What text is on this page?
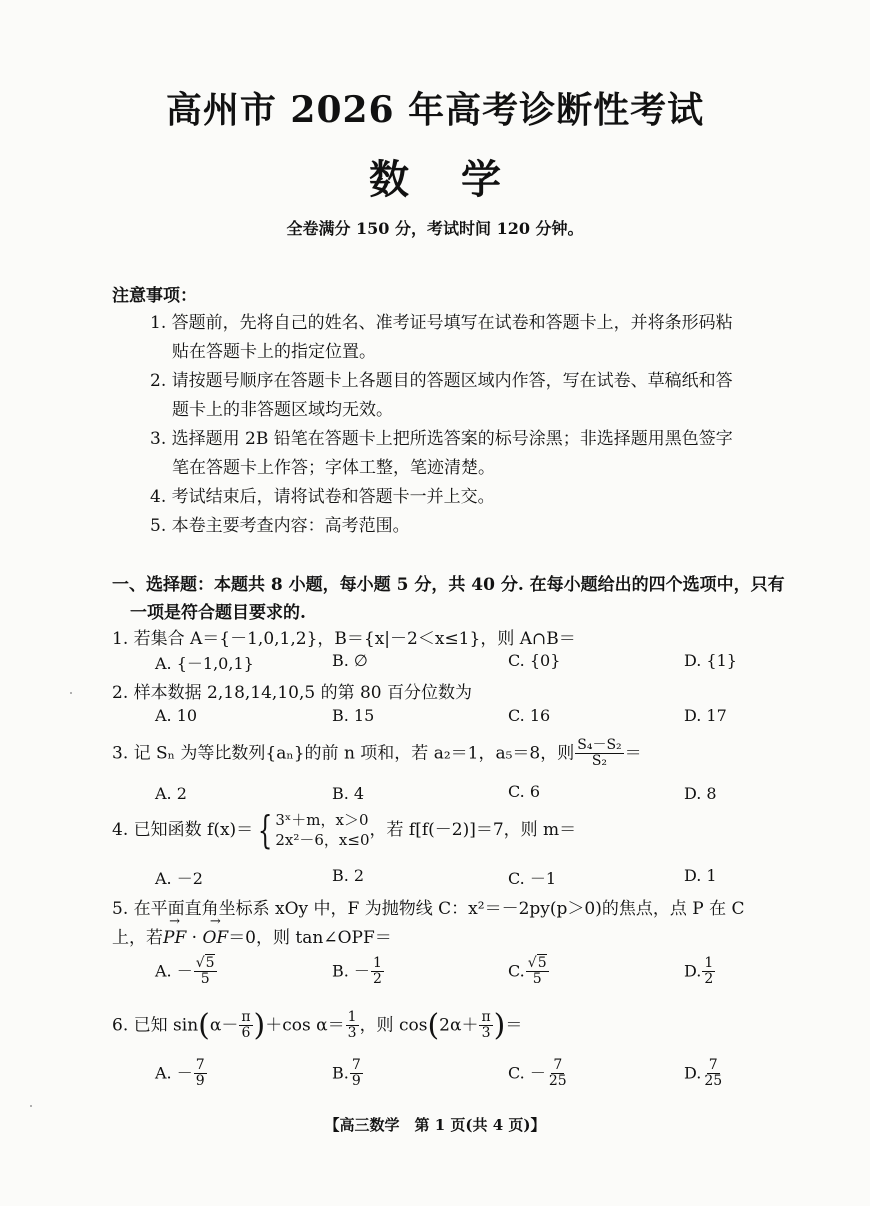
高州市 2026 年高考诊断性考试
数学
全卷满分 150 分，考试时间 120 分钟。
注意事项：
1. 答题前，先将自己的姓名、准考证号填写在试卷和答题卡上，并将条形码粘
贴在答题卡上的指定位置。
2. 请按题号顺序在答题卡上各题目的答题区域内作答，写在试卷、草稿纸和答
题卡上的非答题区域均无效。
3. 选择题用 2B 铅笔在答题卡上把所选答案的标号涂黑；非选择题用黑色签字
笔在答题卡上作答；字体工整，笔迹清楚。
4. 考试结束后，请将试卷和答题卡一并上交。
5. 本卷主要考查内容：高考范围。
一、选择题：本题共 8 小题，每小题 5 分，共 40 分. 在每小题给出的四个选项中，只有
一项是符合题目要求的.
1. 若集合 A＝{－1,0,1,2}，B＝{x|－2＜x≤1}，则 A∩B＝
A. {－1,0,1}	B. ∅	C. {0}	D. {1}
2. 样本数据 2,18,14,10,5 的第 80 百分位数为
A. 10	B. 15	C. 16	D. 17
3. 记 Sₙ 为等比数列{aₙ}的前 n 项和，若 a₂＝1，a₅＝8，则 $\frac{\text{S₄－S₂}}{\text{S₂}}$ ＝
A. 2	B. 4	C. 6	D. 8
4. 已知函数 f(x)＝ { 3ˣ＋m，x＞0
2x²－6，x≤0
，若 f[f(－2)]＝7，则 m＝
A. －2	B. 2	C. －1	D. 1
5. 在平面直角坐标系 xOy 中，F 为抛物线 C：x²＝－2py(p＞0)的焦点，点 P 在 C
上，若→ PF · → OF＝0，则 tan∠OPF＝
A. － $\frac{√5}{5}$	B. － $\frac{1}{2}$	C. $\frac{√5}{5}$	D. $\frac{1}{2}$
6. 已知 $\sin(\alpha- \frac{\pi}{6} )+\cos$ $\alpha= \frac{1}{3}$ ，则 $\cos(2\alpha+ \frac{\pi}{3}$ )＝
A. － $\frac{7}{9}$	B. $\frac{7}{9}$	C. － $\frac{7}{25}$	D. $\frac{7}{25}$
【高三数学　第 1 页(共 4 页)】
